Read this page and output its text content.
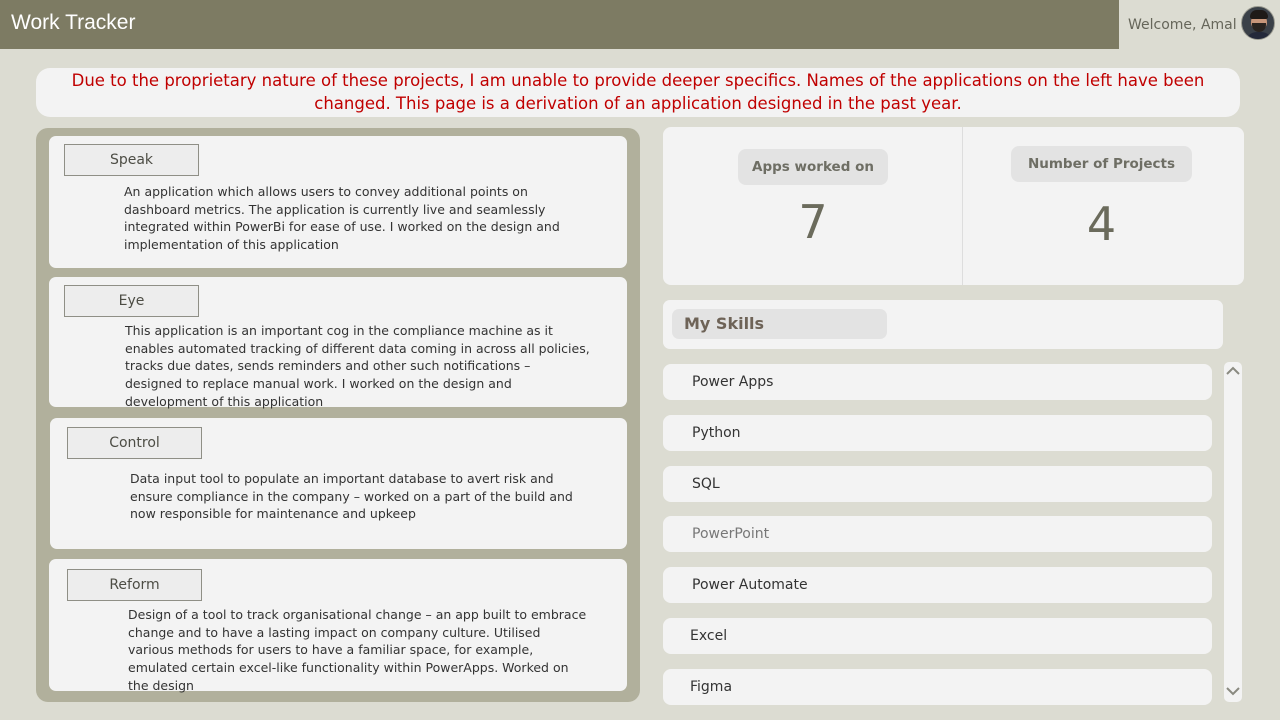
Work Tracker	Welcome, Amal

Due to the proprietary nature of these projects, I am unable to provide deeper specifics. Names of the applications on the left have been changed. This page is a derivation of an application designed in the past year.

Speak

An application which allows users to convey additional points on dashboard metrics. The application is currently live and seamlessly integrated within PowerBi for ease of use. I worked on the design and implementation of this application

Eye

This application is an important cog in the compliance machine as it enables automated tracking of different data coming in across all policies, tracks due dates, sends reminders and other such notifications – designed to replace manual work. I worked on the design and development of this application

Control

Data input tool to populate an important database to avert risk and ensure compliance in the company – worked on a part of the build and now responsible for maintenance and upkeep

Reform

Design of a tool to track organisational change – an app built to embrace change and to have a lasting impact on company culture. Utilised various methods for users to have a familiar space, for example, emulated certain excel-like functionality within PowerApps. Worked on the design

Apps worked on
7
Number of Projects
4
My Skills
Power Apps
Python
SQL
PowerPoint
Power Automate
Excel
Figma
